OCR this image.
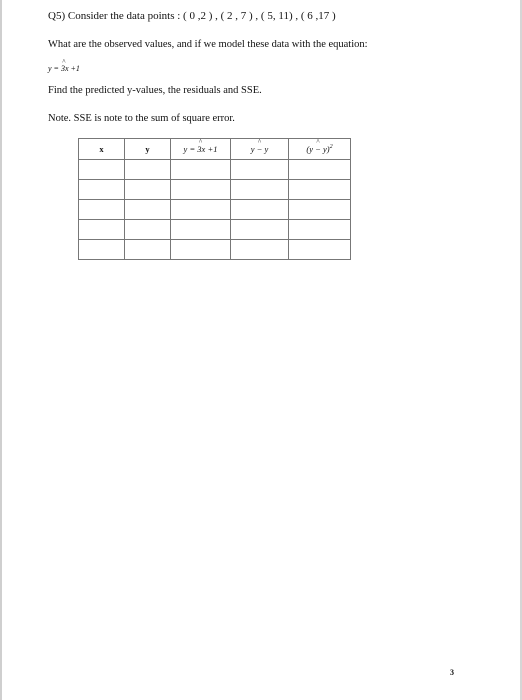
Q5) Consider the data points : ( 0 ,2 ) , ( 2 , 7 ) , ( 5, 11) , ( 6 ,17 )
What are the observed values, and if we model these data with the equation:
^ y = 3x +1
Find the predicted y-values, the residuals and SSE.
Note. SSE is note to the sum of square error.
x	y	^ y = 3x +1	^ y − y	^ $(y - y)^2$

3
